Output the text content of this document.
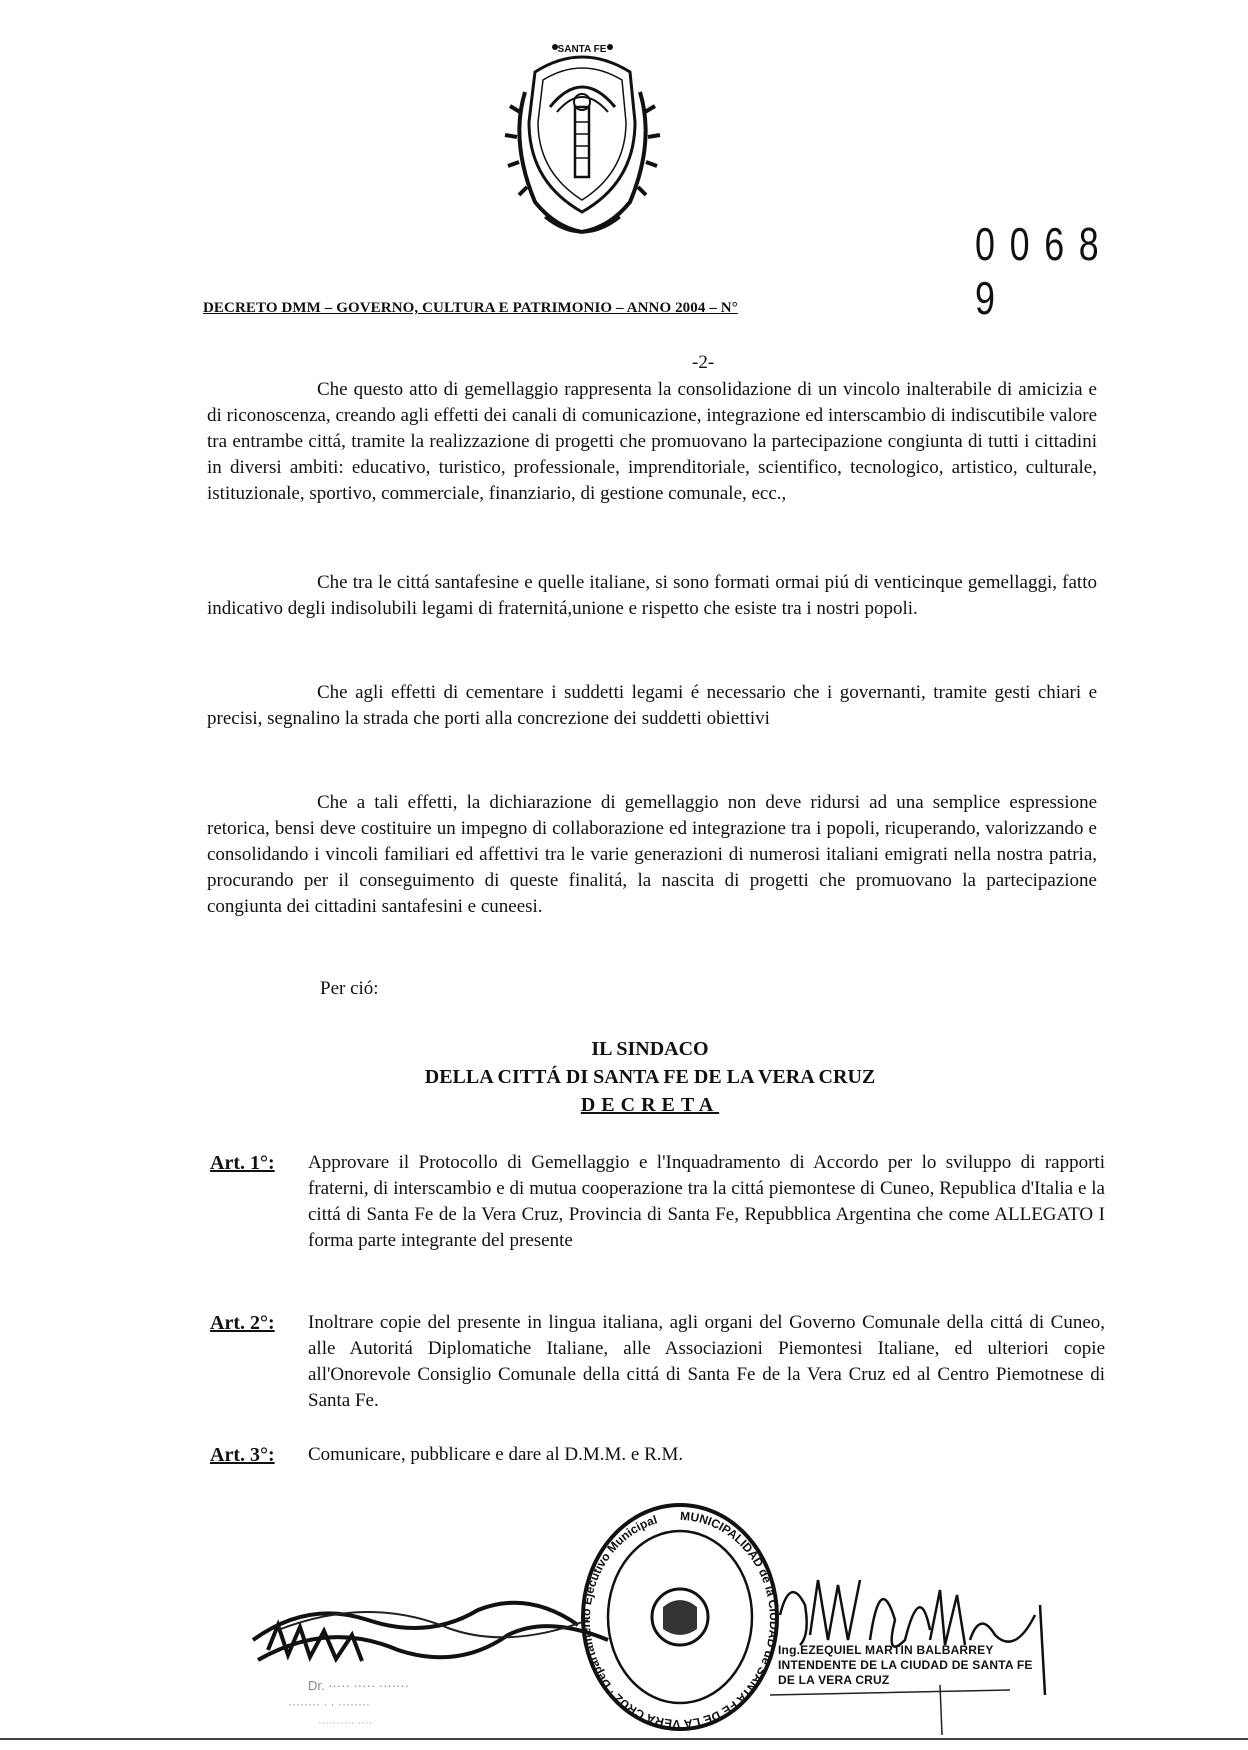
SANTA FE
DECRETO DMM – GOVERNO, CULTURA E PATRIMONIO – ANNO 2004 – N°
0 0 6 8 9
-2-

Che questo atto di gemellaggio rappresenta la consolidazione di un vincolo inalterabile di amicizia e di riconoscenza, creando agli effetti dei canali di comunicazione, integrazione ed interscambio di indiscutibile valore tra entrambe cittá, tramite la realizzazione di progetti che promuovano la partecipazione congiunta di tutti i cittadini in diversi ambiti: educativo, turistico, professionale, imprenditoriale, scientifico, tecnologico, artistico, culturale, istituzionale, sportivo, commerciale, finanziario, di gestione comunale, ecc.,

Che tra le cittá santafesine e quelle italiane, si sono formati ormai piú di venticinque gemellaggi, fatto indicativo degli indisolubili legami di fraternitá,unione e rispetto che esiste tra i nostri popoli.

Che agli effetti di cementare i suddetti legami é necessario che i governanti, tramite gesti chiari e precisi, segnalino la strada che porti alla concrezione dei suddetti obiettivi

Che a tali effetti, la dichiarazione di gemellaggio non deve ridursi ad una semplice espressione retorica, bensi deve costituire un impegno di collaborazione ed integrazione tra i popoli, ricuperando, valorizzando e consolidando i vincoli familiari ed affettivi tra le varie generazioni di numerosi italiani emigrati nella nostra patria, procurando per il conseguimento di queste finalitá, la nascita di progetti che promuovano la partecipazione congiunta dei cittadini santafesini e cuneesi.

Per ció:
IL SINDACO
DELLA CITTÁ DI SANTA FE DE LA VERA CRUZ
DECRETA
Art. 1°: Approvare il Protocollo di Gemellaggio e l'Inquadramento di Accordo per lo sviluppo di rapporti fraterni, di interscambio e di mutua cooperazione tra la cittá piemontese di Cuneo, Republica d'Italia e la cittá di Santa Fe de la Vera Cruz, Provincia di Santa Fe, Repubblica Argentina che come ALLEGATO I forma parte integrante del presente
Art. 2°: Inoltrare copie del presente in lingua italiana, agli organi del Governo Comunale della cittá di Cuneo, alle Autoritá Diplomatiche Italiane, alle Associazioni Piemontesi Italiane, ed ulteriori copie all'Onorevole Consiglio Comunale della cittá di Santa Fe de la Vera Cruz ed al Centro Piemotnese di Santa Fe.
Art. 3°: Comunicare, pubblicare e dare al D.M.M. e R.M.
Dr. ····· ····· ·······
········ · · ········
·········· ····
MUNICIPALIDAD de la CIUDAD de SANTA FE DE LA VERA CRUZ · Departamento Ejecutivo Municipal
Ing.EZEQUIEL MARTIN BALBARREY
INTENDENTE DE LA CIUDAD DE SANTA FE
DE LA VERA CRUZ
